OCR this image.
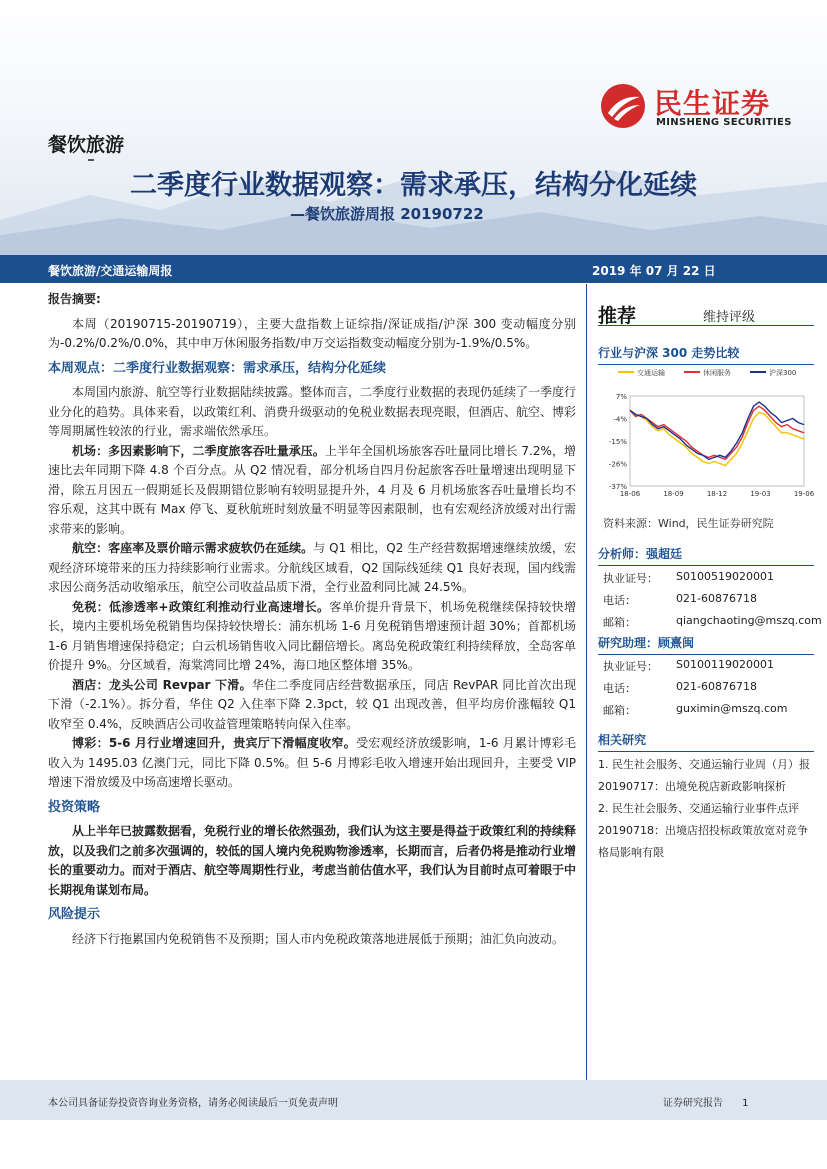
餐饮旅游
二季度行业数据观察：需求承压，结构分化延续
—餐饮旅游周报 20190722
民生证券
MINSHENG SECURITIES
餐饮旅游/交通运输周报	2019 年 07 月 22 日

报告摘要:

本周（20190715-20190719），主要大盘指数上证综指/深证成指/沪深 300 变动幅度分别为-0.2%/0.2%/0.0%，其中申万休闲服务指数/申万交运指数变动幅度分别为-1.9%/0.5%。

本周观点：二季度行业数据观察：需求承压，结构分化延续

本周国内旅游、航空等行业数据陆续披露。整体而言，二季度行业数据的表现仍延续了一季度行业分化的趋势。具体来看，以政策红利、消费升级驱动的免税业数据表现亮眼，但酒店、航空、博彩等周期属性较浓的行业，需求端依然承压。

机场：多因素影响下，二季度旅客吞吐量承压。上半年全国机场旅客吞吐量同比增长 7.2%，增速比去年同期下降 4.8 个百分点。从 Q2 情况看，部分机场自四月份起旅客吞吐量增速出现明显下滑，除五月因五一假期延长及假期错位影响有较明显提升外，4 月及 6 月机场旅客吞吐量增长均不容乐观，这其中既有 Max 停飞、夏秋航班时刻放量不明显等因素限制，也有宏观经济放缓对出行需求带来的影响。

航空：客座率及票价暗示需求疲软仍在延续。与 Q1 相比，Q2 生产经营数据增速继续放缓，宏观经济环境带来的压力持续影响行业需求。分航线区域看，Q2 国际线延续 Q1 良好表现，国内线需求因公商务活动收缩承压，航空公司收益品质下滑，全行业盈利同比减 24.5%。

免税：低渗透率+政策红利推动行业高速增长。客单价提升背景下，机场免税继续保持较快增长，境内主要机场免税销售均保持较快增长：浦东机场 1-6 月免税销售增速预计超 30%；首都机场 1-6 月销售增速保持稳定；白云机场销售收入同比翻倍增长。离岛免税政策红利持续释放，全岛客单价提升 9%。分区域看，海棠湾同比增 24%，海口地区整体增 35%。

酒店：龙头公司 Revpar 下滑。华住二季度同店经营数据承压，同店 RevPAR 同比首次出现下滑（-2.1%）。拆分看，华住 Q2 入住率下降 2.3pct，较 Q1 出现改善，但平均房价涨幅较 Q1 收窄至 0.4%，反映酒店公司收益管理策略转向保入住率。

博彩：5-6 月行业增速回升，贵宾厅下滑幅度收窄。受宏观经济放缓影响，1-6 月累计博彩毛收入为 1495.03 亿澳门元，同比下降 0.5%。但 5-6 月博彩毛收入增速开始出现回升，主要受 VIP 增速下滑放缓及中场高速增长驱动。

投资策略

从上半年已披露数据看，免税行业的增长依然强劲，我们认为这主要是得益于政策红利的持续释放，以及我们之前多次强调的，较低的国人境内免税购物渗透率，长期而言，后者仍将是推动行业增长的重要动力。而对于酒店、航空等周期性行业，考虑当前估值水平，我们认为目前时点可着眼于中长期视角谋划布局。

风险提示

经济下行拖累国内免税销售不及预期；国人市内免税政策落地进展低于预期；油汇负向波动。

推荐	维持评级
行业与沪深 300 走势比较
交通运输	休闲服务	沪深300
7%
-4%
-15%
-26%
-37%
18-06	18-09	18-12	19-03	19-06
资料来源：Wind，民生证券研究院
分析师：强超廷
执业证号： S0100519020001
电话：	021-60876718
邮箱：	qiangchaoting@mszq.com
研究助理：顾熹闽
执业证号： S0100119020001
电话：	021-60876718
邮箱：	guximin@mszq.com
相关研究
1. 民生社会服务、交通运输行业周（月）报 20190717：出境免税店新政影响探析
2. 民生社会服务、交通运输行业事件点评 20190718：出境店招投标政策放宽对竞争格局影响有限
本公司具备证券投资咨询业务资格，请务必阅读最后一页免责声明	证券研究报告 1
